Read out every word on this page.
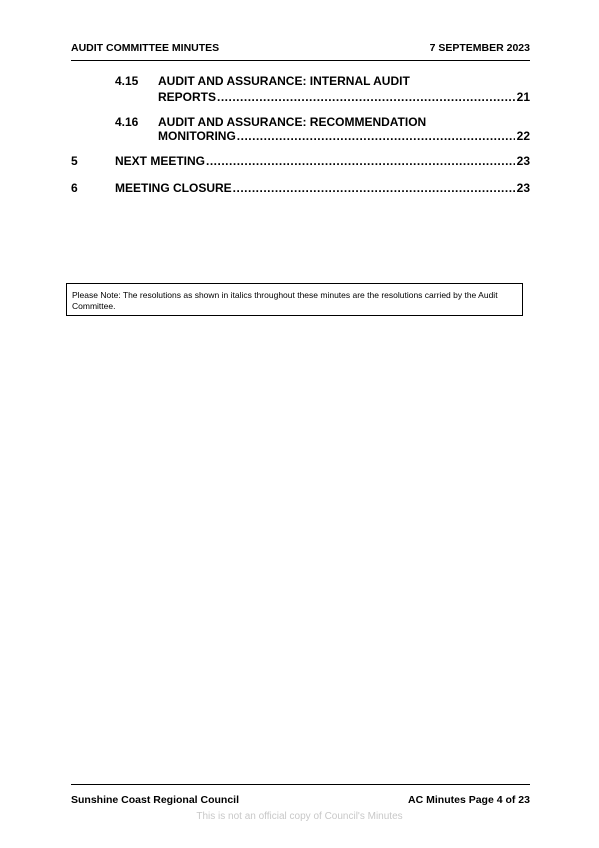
AUDIT COMMITTEE MINUTES	7 SEPTEMBER 2023
4.15 AUDIT AND ASSURANCE: INTERNAL AUDIT
REPORTS .....	21
4.16 AUDIT AND ASSURANCE: RECOMMENDATION
MONITORING .....	22
5	NEXT MEETING .....	23
6	MEETING CLOSURE .....	23
Please Note: The resolutions as shown in italics throughout these minutes are the resolutions carried by the Audit Committee.
Sunshine Coast Regional Council	AC Minutes Page 4 of 23
This is not an official copy of Council's Minutes
